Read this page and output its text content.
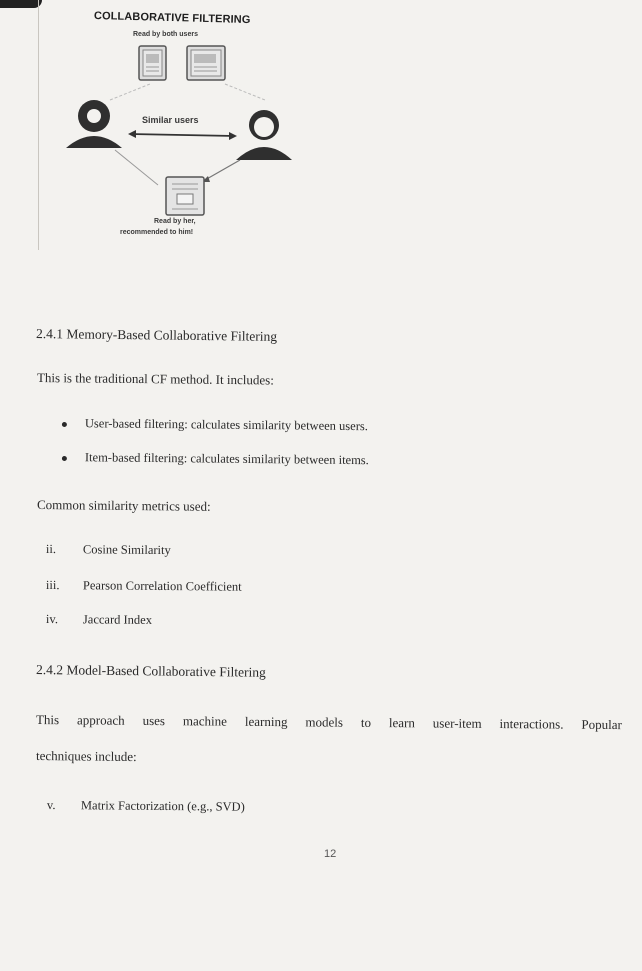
COLLABORATIVE FILTERING
Read by both users
Similar users
Read by her,
recommended to him!
2.4.1 Memory-Based Collaborative Filtering
This is the traditional CF method. It includes:
User-based filtering: calculates similarity between users.
Item-based filtering: calculates similarity between items.
Common similarity metrics used:
ii. Cosine Similarity
iii. Pearson Correlation Coefficient
iv. Jaccard Index
2.4.2 Model-Based Collaborative Filtering
This approach uses machine learning models to learn user-item interactions. Popular
techniques include:
v. Matrix Factorization (e.g., SVD)
12
